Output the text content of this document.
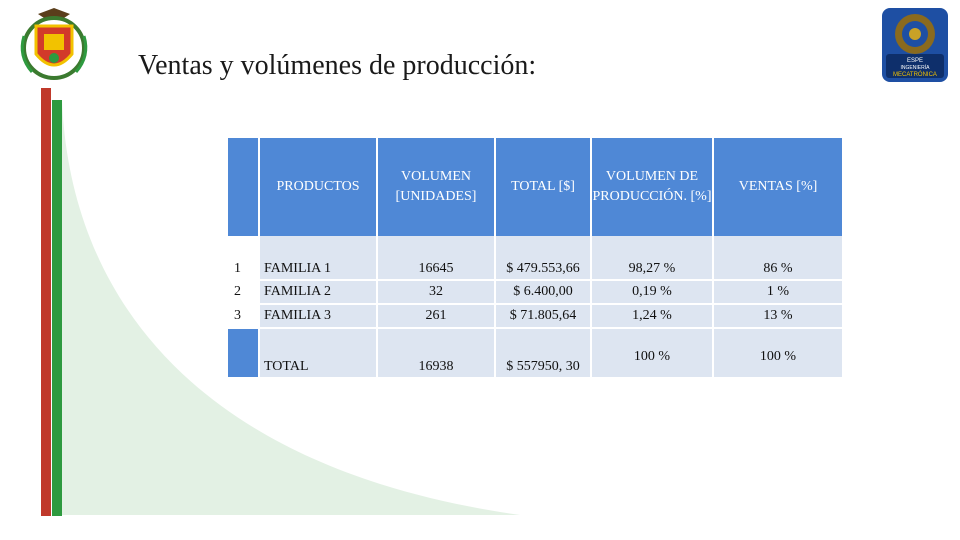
ESPE
INGENIERÍA
MECATRÓNICA
Ventas y volúmenes de producción:
	PRODUCTOS	VOLUMEN [UNIDADES]	TOTAL [$]	VOLUMEN DE PRODUCCIÓN. [%]	VENTAS [%]
1	FAMILIA 1	16645	$ 479.553,66	98,27 %	86 %
2	FAMILIA 2	32	$ 6.400,00	0,19 %	1 %
3	FAMILIA 3	261	$ 71.805,64	1,24 %	13 %
	TOTAL	16938	$ 557950, 30	100 %	100 %
